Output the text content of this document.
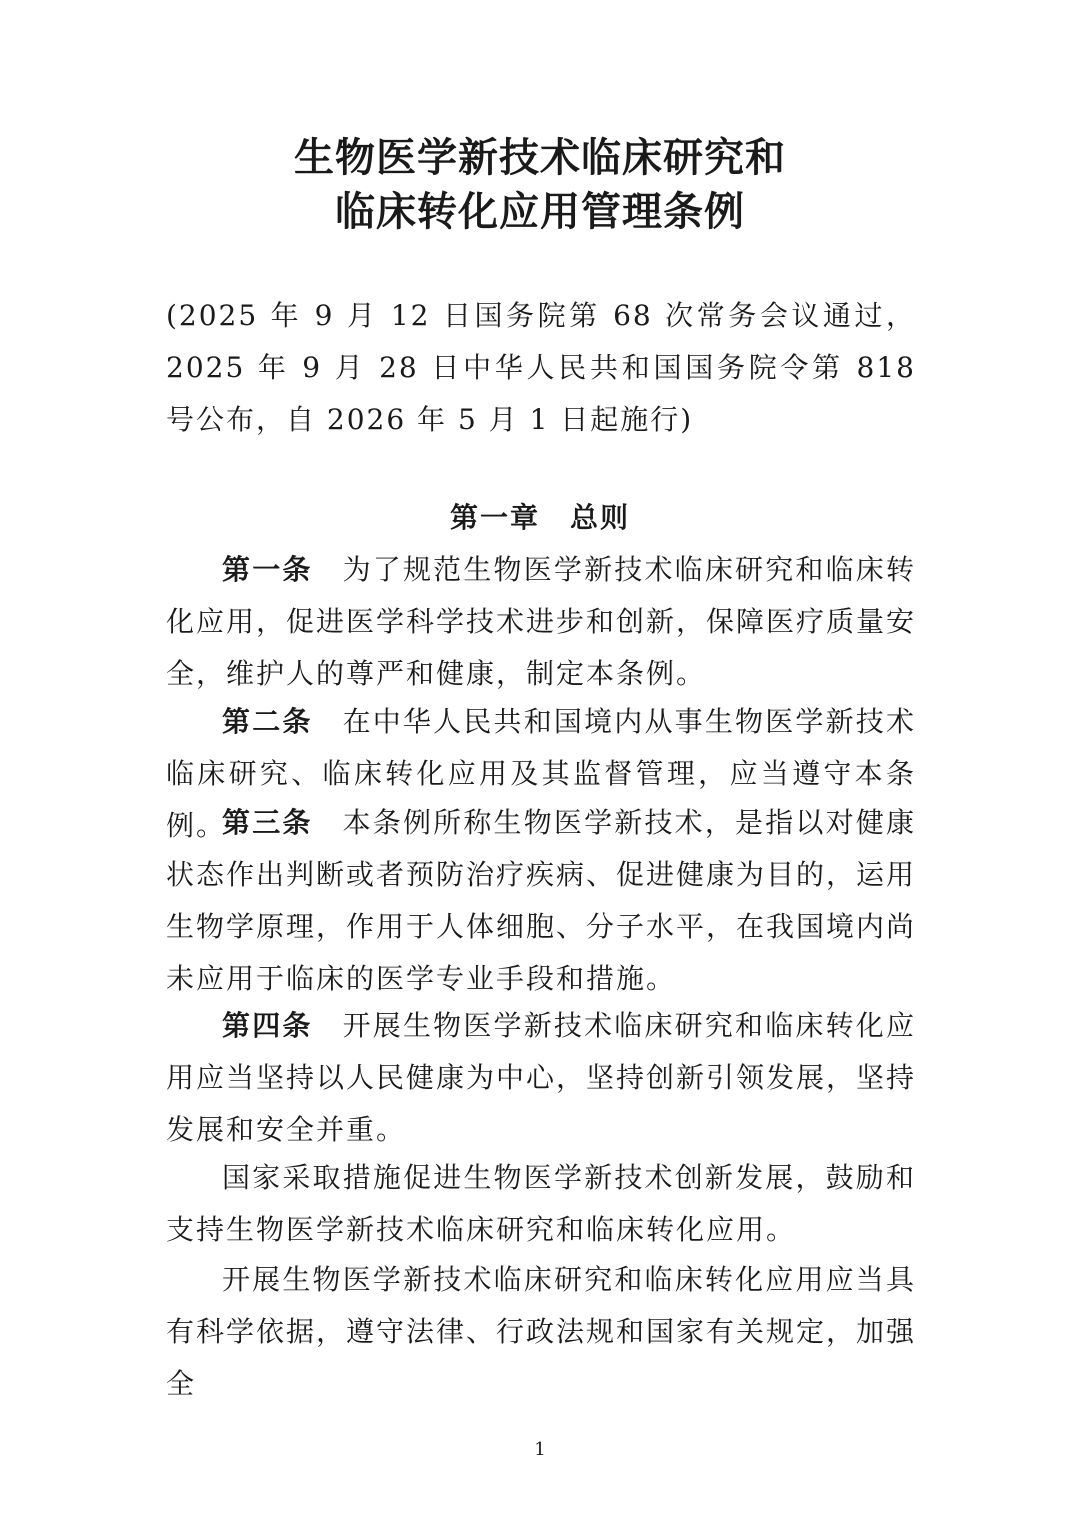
生物医学新技术临床研究和
临床转化应用管理条例

(2025 年 9 月 12 日国务院第 68 次常务会议通过，2025 年 9 月 28 日中华人民共和国国务院令第 818 号公布，自 2026 年 5 月 1 日起施行)

第一章 总则

第一条 为了规范生物医学新技术临床研究和临床转化应用，促进医学科学技术进步和创新，保障医疗质量安全，维护人的尊严和健康，制定本条例。

第二条 在中华人民共和国境内从事生物医学新技术临床研究、临床转化应用及其监督管理，应当遵守本条例。

第三条 本条例所称生物医学新技术，是指以对健康状态作出判断或者预防治疗疾病、促进健康为目的，运用生物学原理，作用于人体细胞、分子水平，在我国境内尚未应用于临床的医学专业手段和措施。

第四条 开展生物医学新技术临床研究和临床转化应用应当坚持以人民健康为中心，坚持创新引领发展，坚持发展和安全并重。

国家采取措施促进生物医学新技术创新发展，鼓励和支持生物医学新技术临床研究和临床转化应用。

开展生物医学新技术临床研究和临床转化应用应当具有科学依据，遵守法律、行政法规和国家有关规定，加强全

1
